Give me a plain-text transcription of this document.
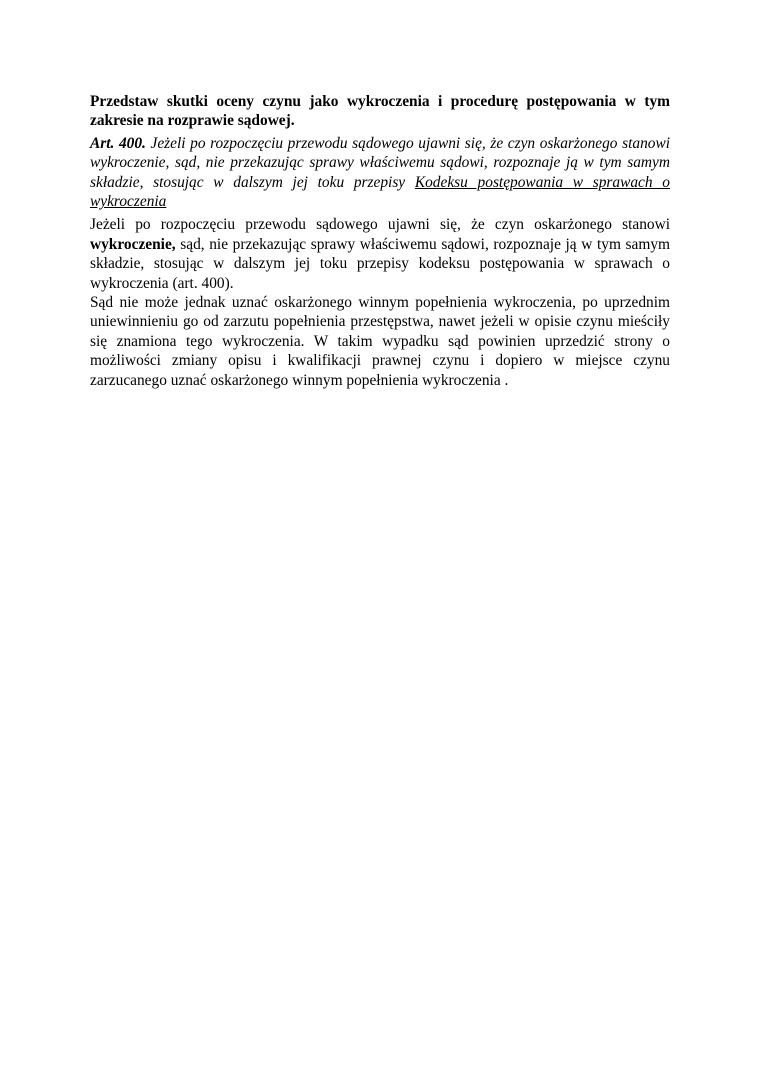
Przedstaw skutki oceny czynu jako wykroczenia i procedurę postępowania w tym zakresie na rozprawie sądowej.

Art. 400. Jeżeli po rozpoczęciu przewodu sądowego ujawni się, że czyn oskarżonego stanowi wykroczenie, sąd, nie przekazując sprawy właściwemu sądowi, rozpoznaje ją w tym samym składzie, stosując w dalszym jej toku przepisy Kodeksu postępowania w sprawach o wykroczenia

Jeżeli po rozpoczęciu przewodu sądowego ujawni się, że czyn oskarżonego stanowi wykroczenie, sąd, nie przekazując sprawy właściwemu sądowi, rozpoznaje ją w tym samym składzie, stosując w dalszym jej toku przepisy kodeksu postępowania w sprawach o wykroczenia (art. 400).

Sąd nie może jednak uznać oskarżonego winnym popełnienia wykroczenia, po uprzednim uniewinnieniu go od zarzutu popełnienia przestępstwa, nawet jeżeli w opisie czynu mieściły się znamiona tego wykroczenia. W takim wypadku sąd powinien uprzedzić strony o możliwości zmiany opisu i kwalifikacji prawnej czynu i dopiero w miejsce czynu zarzucanego uznać oskarżonego winnym popełnienia wykroczenia .
